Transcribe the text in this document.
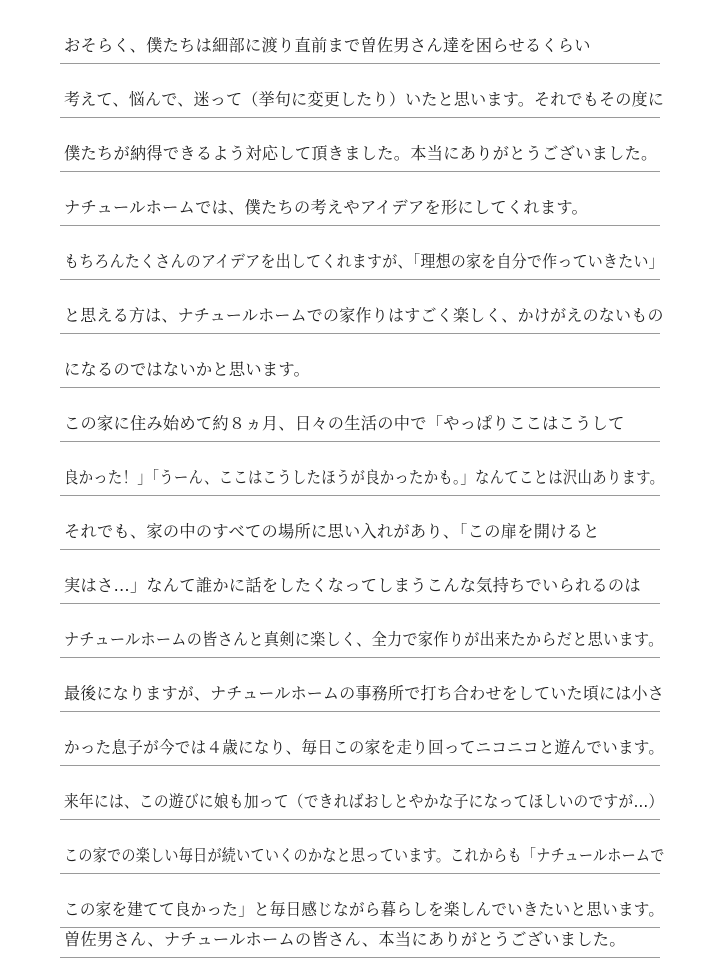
おそらく、僕たちは細部に渡り直前まで曽佐男さん達を困らせるくらい
考えて、悩んで、迷って（挙句に変更したり）いたと思います。それでもその度に
僕たちが納得できるよう対応して頂きました。本当にありがとうございました。
ナチュールホームでは、僕たちの考えやアイデアを形にしてくれます。
もちろんたくさんのアイデアを出してくれますが、「理想の家を自分で作っていきたい」
と思える方は、ナチュールホームでの家作りはすごく楽しく、かけがえのないもの
になるのではないかと思います。
この家に住み始めて約８ヵ月、日々の生活の中で「やっぱりここはこうして
良かった！」「うーん、ここはこうしたほうが良かったかも。」なんてことは沢山あります。
それでも、家の中のすべての場所に思い入れがあり、「この扉を開けると
実はさ…」なんて誰かに話をしたくなってしまうこんな気持ちでいられるのは
ナチュールホームの皆さんと真剣に楽しく、全力で家作りが出来たからだと思います。
最後になりますが、ナチュールホームの事務所で打ち合わせをしていた頃には小さ
かった息子が今では４歳になり、毎日この家を走り回ってニコニコと遊んでいます。
来年には、この遊びに娘も加って（できればおしとやかな子になってほしいのですが…）
この家での楽しい毎日が続いていくのかなと思っています。これからも「ナチュールホームで
この家を建てて良かった」と毎日感じながら暮らしを楽しんでいきたいと思います。
曽佐男さん、ナチュールホームの皆さん、本当にありがとうございました。
